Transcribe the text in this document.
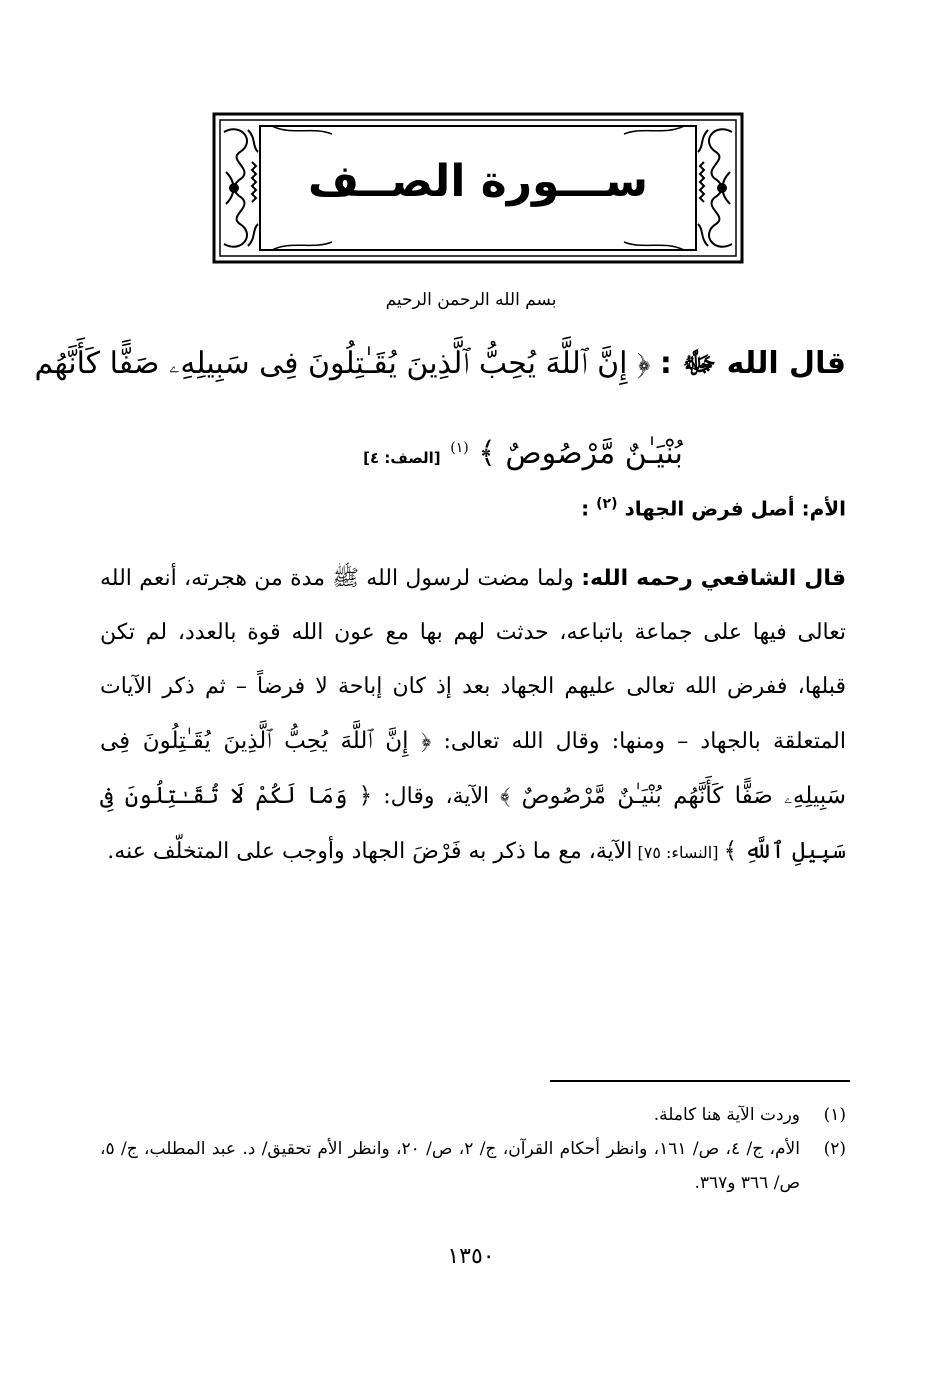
ســـورة الصــف
بسم الله الرحمن الرحيم
قال الله ﷻ : ﴿ إِنَّ ٱللَّهَ يُحِبُّ ٱلَّذِينَ يُقَـٰتِلُونَ فِى سَبِيلِهِۦ صَفًّا كَأَنَّهُم
بُنْيَـٰنٌ مَّرْصُوصٌ ﴾ $^{(١)}$ [الصف: ٤]
الأم: أصل فرض الجهاد $^{(٢)}$ :
قال الشافعي رحمه الله: ولما مضت لرسول الله ﷺ مدة من هجرته، أنعم الله تعالى فيها على جماعة باتباعه، حدثت لهم بها مع عون الله قوة بالعدد، لم تكن قبلها، ففرض الله تعالى عليهم الجهاد بعد إذ كان إباحة لا فرضاً – ثم ذكر الآيات المتعلقة بالجهاد – ومنها: وقال الله تعالى: ﴿ إِنَّ ٱللَّهَ يُحِبُّ ٱلَّذِينَ يُقَـٰتِلُونَ فِى سَبِيلِهِۦ صَفًّا كَأَنَّهُم بُنْيَـٰنٌ مَّرْصُوصٌ ﴾ الآية، وقال: ﴿ وَمَا لَكُمْ لَا تُقَـٰتِلُونَ فِى سَبِيلِ ٱللَّهِ ﴾ [النساء: ٧٥] الآية، مع ما ذكر به فَرْضَ الجهاد وأوجب على المتخلّف عنه.
(١)
وردت الآية هنا كاملة.
(٢)
الأم، ج/ ٤، ص/ ١٦١، وانظر أحكام القرآن، ج/ ٢، ص/ ٢٠، وانظر الأم تحقيق/ د. عبد المطلب، ج/ ٥، ص/ ٣٦٦ و٣٦٧.
١٣٥٠
